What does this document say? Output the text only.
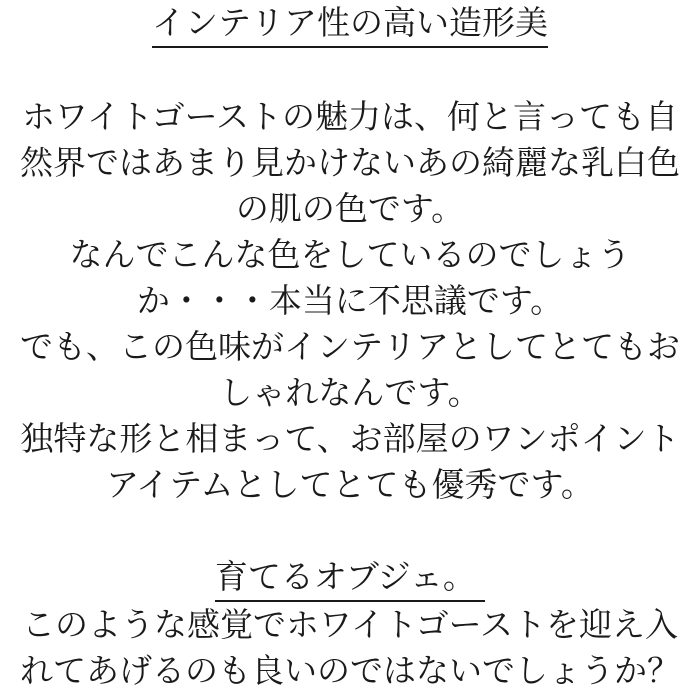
インテリア性の高い造形美
ホワイトゴーストの魅力は、何と言っても自
然界ではあまり見かけないあの綺麗な乳白色
の肌の色です。
なんでこんな色をしているのでしょう
か・・・本当に不思議です。
でも、この色味がインテリアとしてとてもお
しゃれなんです。
独特な形と相まって、お部屋のワンポイント
アイテムとしてとても優秀です。
育てるオブジェ。
このような感覚でホワイトゴーストを迎え入
れてあげるのも良いのではないでしょうか？
